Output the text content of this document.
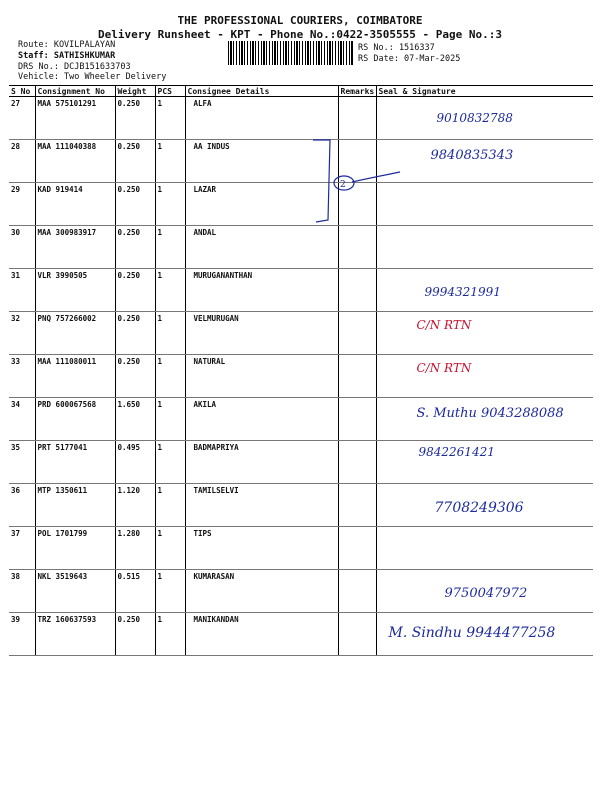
THE PROFESSIONAL COURIERS, COIMBATORE
Delivery Runsheet - KPT - Phone No.:0422-3505555 - Page No.:3
Route: KOVILPALAYAN
Staff: SATHISHKUMAR
DRS No.: DCJB151633703
Vehicle: Two Wheeler Delivery
RS No.: 1516337
RS Date: 07-Mar-2025
S No	Consignment No	Weight	PCS	Consignee Details	Remarks	Seal & Signature
27	MAA 575101291	0.250	1	ALFA		9010832788

28	MAA 111040388	0.250	1	AA INDUS		9840835343

29	KAD 919414	0.250	1	LAZAR		
30	MAA 300983917	0.250	1	ANDAL		
31	VLR 3990505	0.250	1	MURUGANANTHAN		9994321991

32	PNQ 757266002	0.250	1	VELMURUGAN		C/N RTN

33	MAA 111080011	0.250	1	NATURAL		C/N RTN

34	PRD 600067568	1.650	1	AKILA		S. Muthu 9043288088

35	PRT 5177041	0.495	1	BADMAPRIYA		9842261421

36	MTP 1350611	1.120	1	TAMILSELVI		7708249306

37	POL 1701799	1.280	1	TIPS		
38	NKL 3519643	0.515	1	KUMARASAN		9750047972

39	TRZ 160637593	0.250	1	MANIKANDAN		M. Sindhu 9944477258
2
